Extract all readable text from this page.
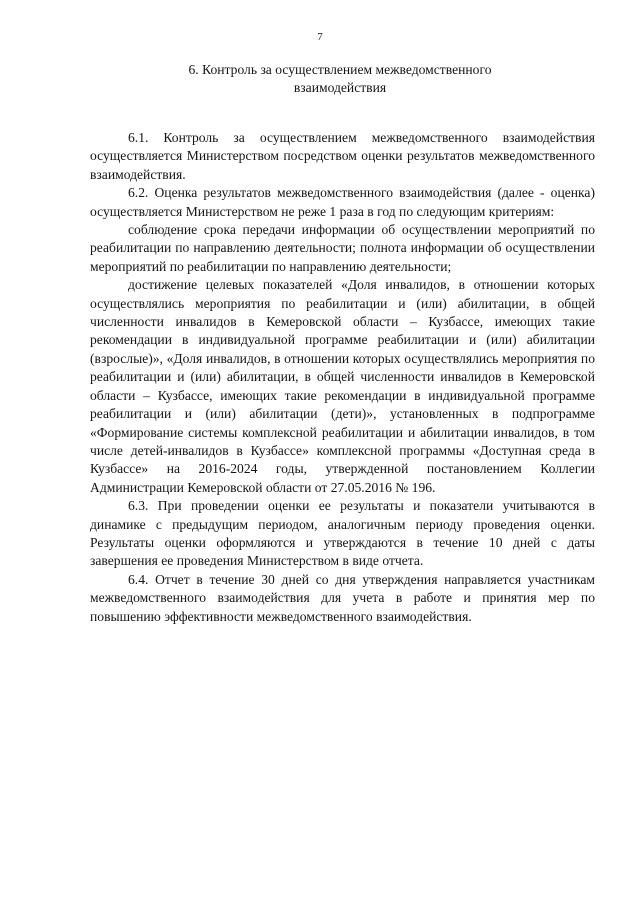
7
6. Контроль за осуществлением межведомственного
взаимодействия

6.1. Контроль за осуществлением межведомственного взаимодействия осуществляется Министерством посредством оценки результатов межведомственного взаимодействия.

6.2. Оценка результатов межведомственного взаимодействия (далее - оценка) осуществляется Министерством не реже 1 раза в год по следующим критериям:

соблюдение срока передачи информации об осуществлении мероприятий по реабилитации по направлению деятельности; полнота информации об осуществлении мероприятий по реабилитации по направлению деятельности;

достижение целевых показателей «Доля инвалидов, в отношении которых осуществлялись мероприятия по реабилитации и (или) абилитации, в общей численности инвалидов в Кемеровской области – Кузбассе, имеющих такие рекомендации в индивидуальной программе реабилитации и (или) абилитации (взрослые)», «Доля инвалидов, в отношении которых осуществлялись мероприятия по реабилитации и (или) абилитации, в общей численности инвалидов в Кемеровской области – Кузбассе, имеющих такие рекомендации в индивидуальной программе реабилитации и (или) абилитации (дети)», установленных в подпрограмме «Формирование системы комплексной реабилитации и абилитации инвалидов, в том числе детей-инвалидов в Кузбассе» комплексной программы «Доступная среда в Кузбассе» на 2016-2024 годы, утвержденной постановлением Коллегии Администрации Кемеровской области от 27.05.2016 № 196.

6.3. При проведении оценки ее результаты и показатели учитываются в динамике с предыдущим периодом, аналогичным периоду проведения оценки. Результаты оценки оформляются и утверждаются в течение 10 дней с даты завершения ее проведения Министерством в виде отчета.

6.4. Отчет в течение 30 дней со дня утверждения направляется участникам межведомственного взаимодействия для учета в работе и принятия мер по повышению эффективности межведомственного взаимодействия.
